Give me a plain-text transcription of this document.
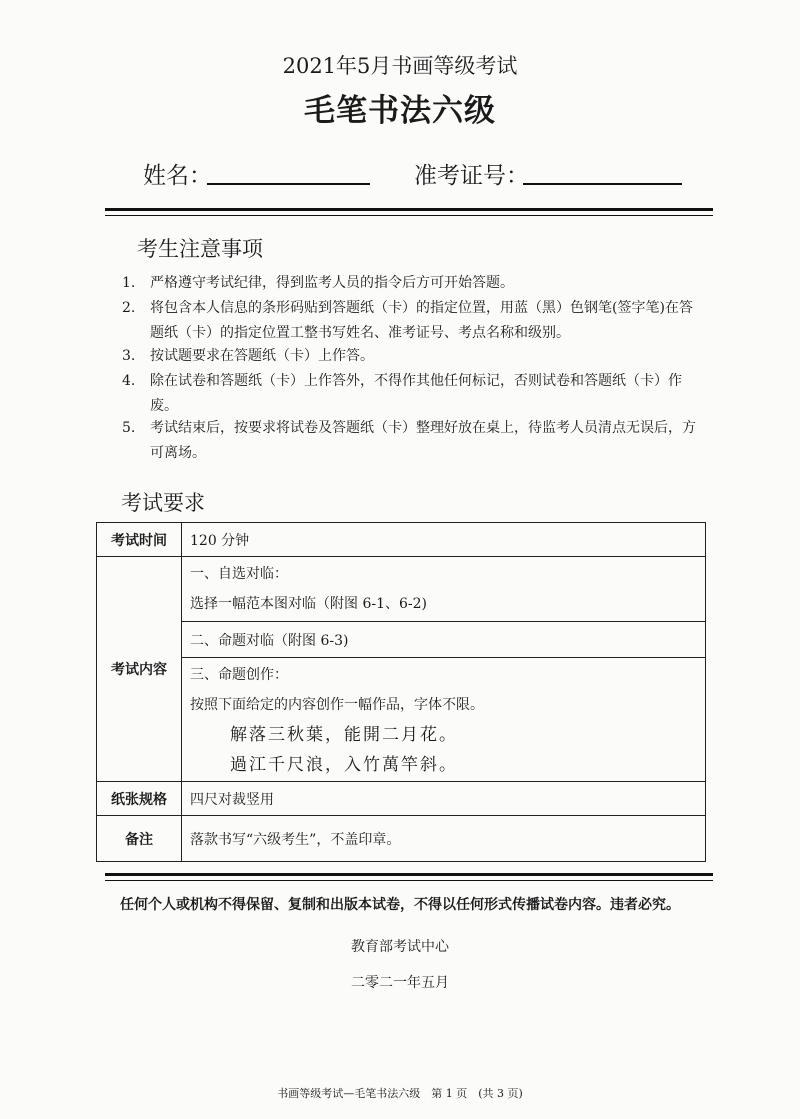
2021年5月书画等级考试
毛笔书法六级
姓名：	准考证号：
考生注意事项
1.	严格遵守考试纪律，得到监考人员的指令后方可开始答题。
2.	将包含本人信息的条形码贴到答题纸（卡）的指定位置，用蓝（黑）色钢笔(签字笔)在答题纸（卡）的指定位置工整书写姓名、准考证号、考点名称和级别。
3.	按试题要求在答题纸（卡）上作答。
4.	除在试卷和答题纸（卡）上作答外，不得作其他任何标记，否则试卷和答题纸（卡）作废。
5.	考试结束后，按要求将试卷及答题纸（卡）整理好放在桌上，待监考人员清点无误后，方可离场。
考试要求
考试时间	120 分钟
考试内容	一、自选对临：
选择一幅范本图对临（附图 6-1、6-2)

	二、命题对临（附图 6-3)

	三、命题创作：
按照下面给定的内容创作一幅作品，字体不限。
解落三秋葉，能開二月花。
過江千尺浪，入竹萬竿斜。

纸张规格	四尺对裁竖用
备注	落款书写“六级考生”，不盖印章。
任何个人或机构不得保留、复制和出版本试卷，不得以任何形式传播试卷内容。违者必究。
教育部考试中心
二零二一年五月
书画等级考试—毛笔书法六级　第 1 页　(共 3 页)
